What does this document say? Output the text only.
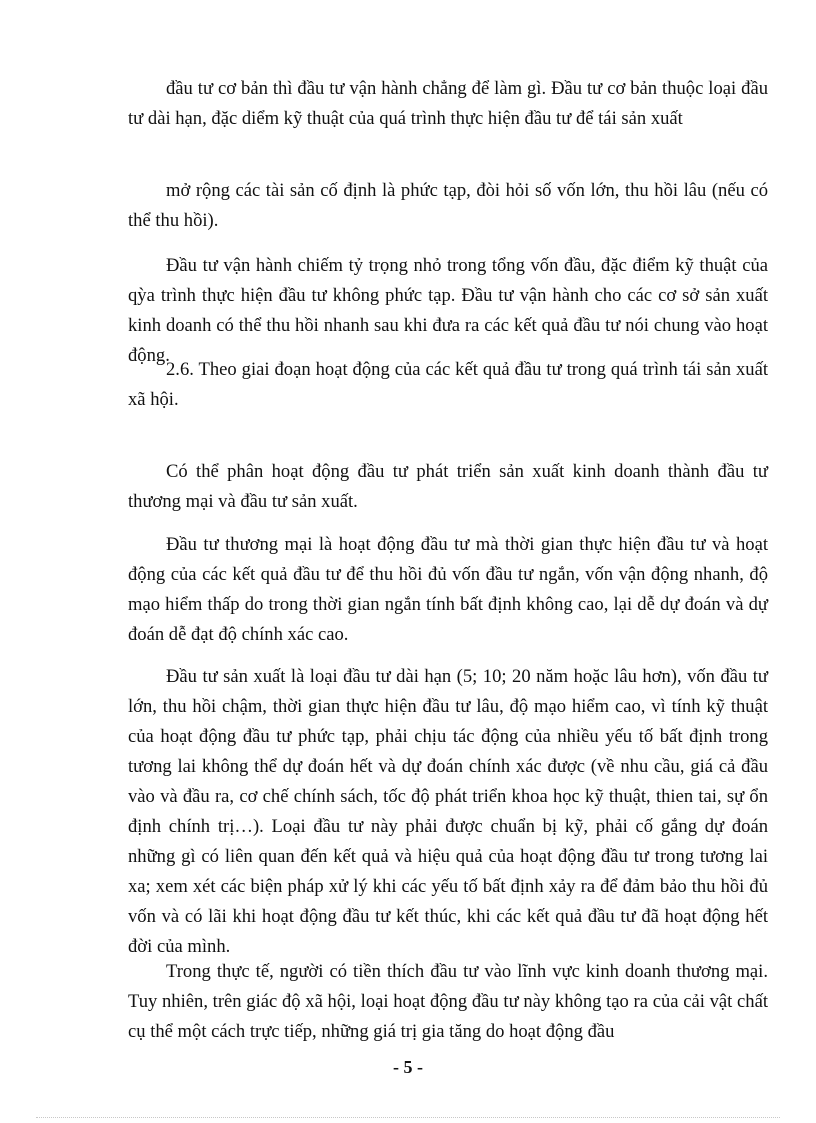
đầu tư cơ bản thì đầu tư vận hành chẳng để làm gì. Đầu tư cơ bản thuộc loại đầu tư dài hạn, đặc diểm kỹ thuật của quá trình thực hiện đầu tư để tái sản xuất

mở rộng các tài sản cố định là phức tạp, đòi hỏi số vốn lớn, thu hồi lâu (nếu có thể thu hồi).

Đầu tư vận hành chiếm tỷ trọng nhỏ trong tổng vốn đầu, đặc điểm kỹ thuật của qỳa trình thực hiện đầu tư không phức tạp. Đầu tư vận hành cho các cơ sở sản xuất kinh doanh có thể thu hồi nhanh sau khi đưa ra các kết quả đầu tư nói chung vào hoạt động.

2.6. Theo giai đoạn hoạt động của các kết quả đầu tư trong quá trình tái sản xuất xã hội.

Có thể phân hoạt động đầu tư phát triển sản xuất kinh doanh thành đầu tư thương mại và đầu tư sản xuất.

Đầu tư thương mại là hoạt động đầu tư mà thời gian thực hiện đầu tư và hoạt động của các kết quả đầu tư để thu hồi đủ vốn đầu tư ngắn, vốn vận động nhanh, độ mạo hiểm thấp do trong thời gian ngắn tính bất định không cao, lại dễ dự đoán và dự đoán dễ đạt độ chính xác cao.

Đầu tư sản xuất là loại đầu tư dài hạn (5; 10; 20 năm hoặc lâu hơn), vốn đầu tư lớn, thu hồi chậm, thời gian thực hiện đầu tư lâu, độ mạo hiểm cao, vì tính kỹ thuật của hoạt động đầu tư phức tạp, phải chịu tác động của nhiều yếu tố bất định trong tương lai không thể dự đoán hết và dự đoán chính xác được (về nhu cầu, giá cả đầu vào và đầu ra, cơ chế chính sách, tốc độ phát triển khoa học kỹ thuật, thien tai, sự ổn định chính trị…). Loại đầu tư này phải được chuẩn bị kỹ, phải cố gắng dự đoán những gì có liên quan đến kết quả và hiệu quả của hoạt động đầu tư trong tương lai xa; xem xét các biện pháp xử lý khi các yếu tố bất định xảy ra để đảm bảo thu hồi đủ vốn và có lãi khi hoạt động đầu tư kết thúc, khi các kết quả đầu tư đã hoạt động hết đời của mình.

Trong thực tế, người có tiền thích đầu tư vào lĩnh vực kinh doanh thương mại. Tuy nhiên, trên giác độ xã hội, loại hoạt động đầu tư này không tạo ra của cải vật chất cụ thể một cách trực tiếp, những giá trị gia tăng do hoạt động đầu

- 5 -
